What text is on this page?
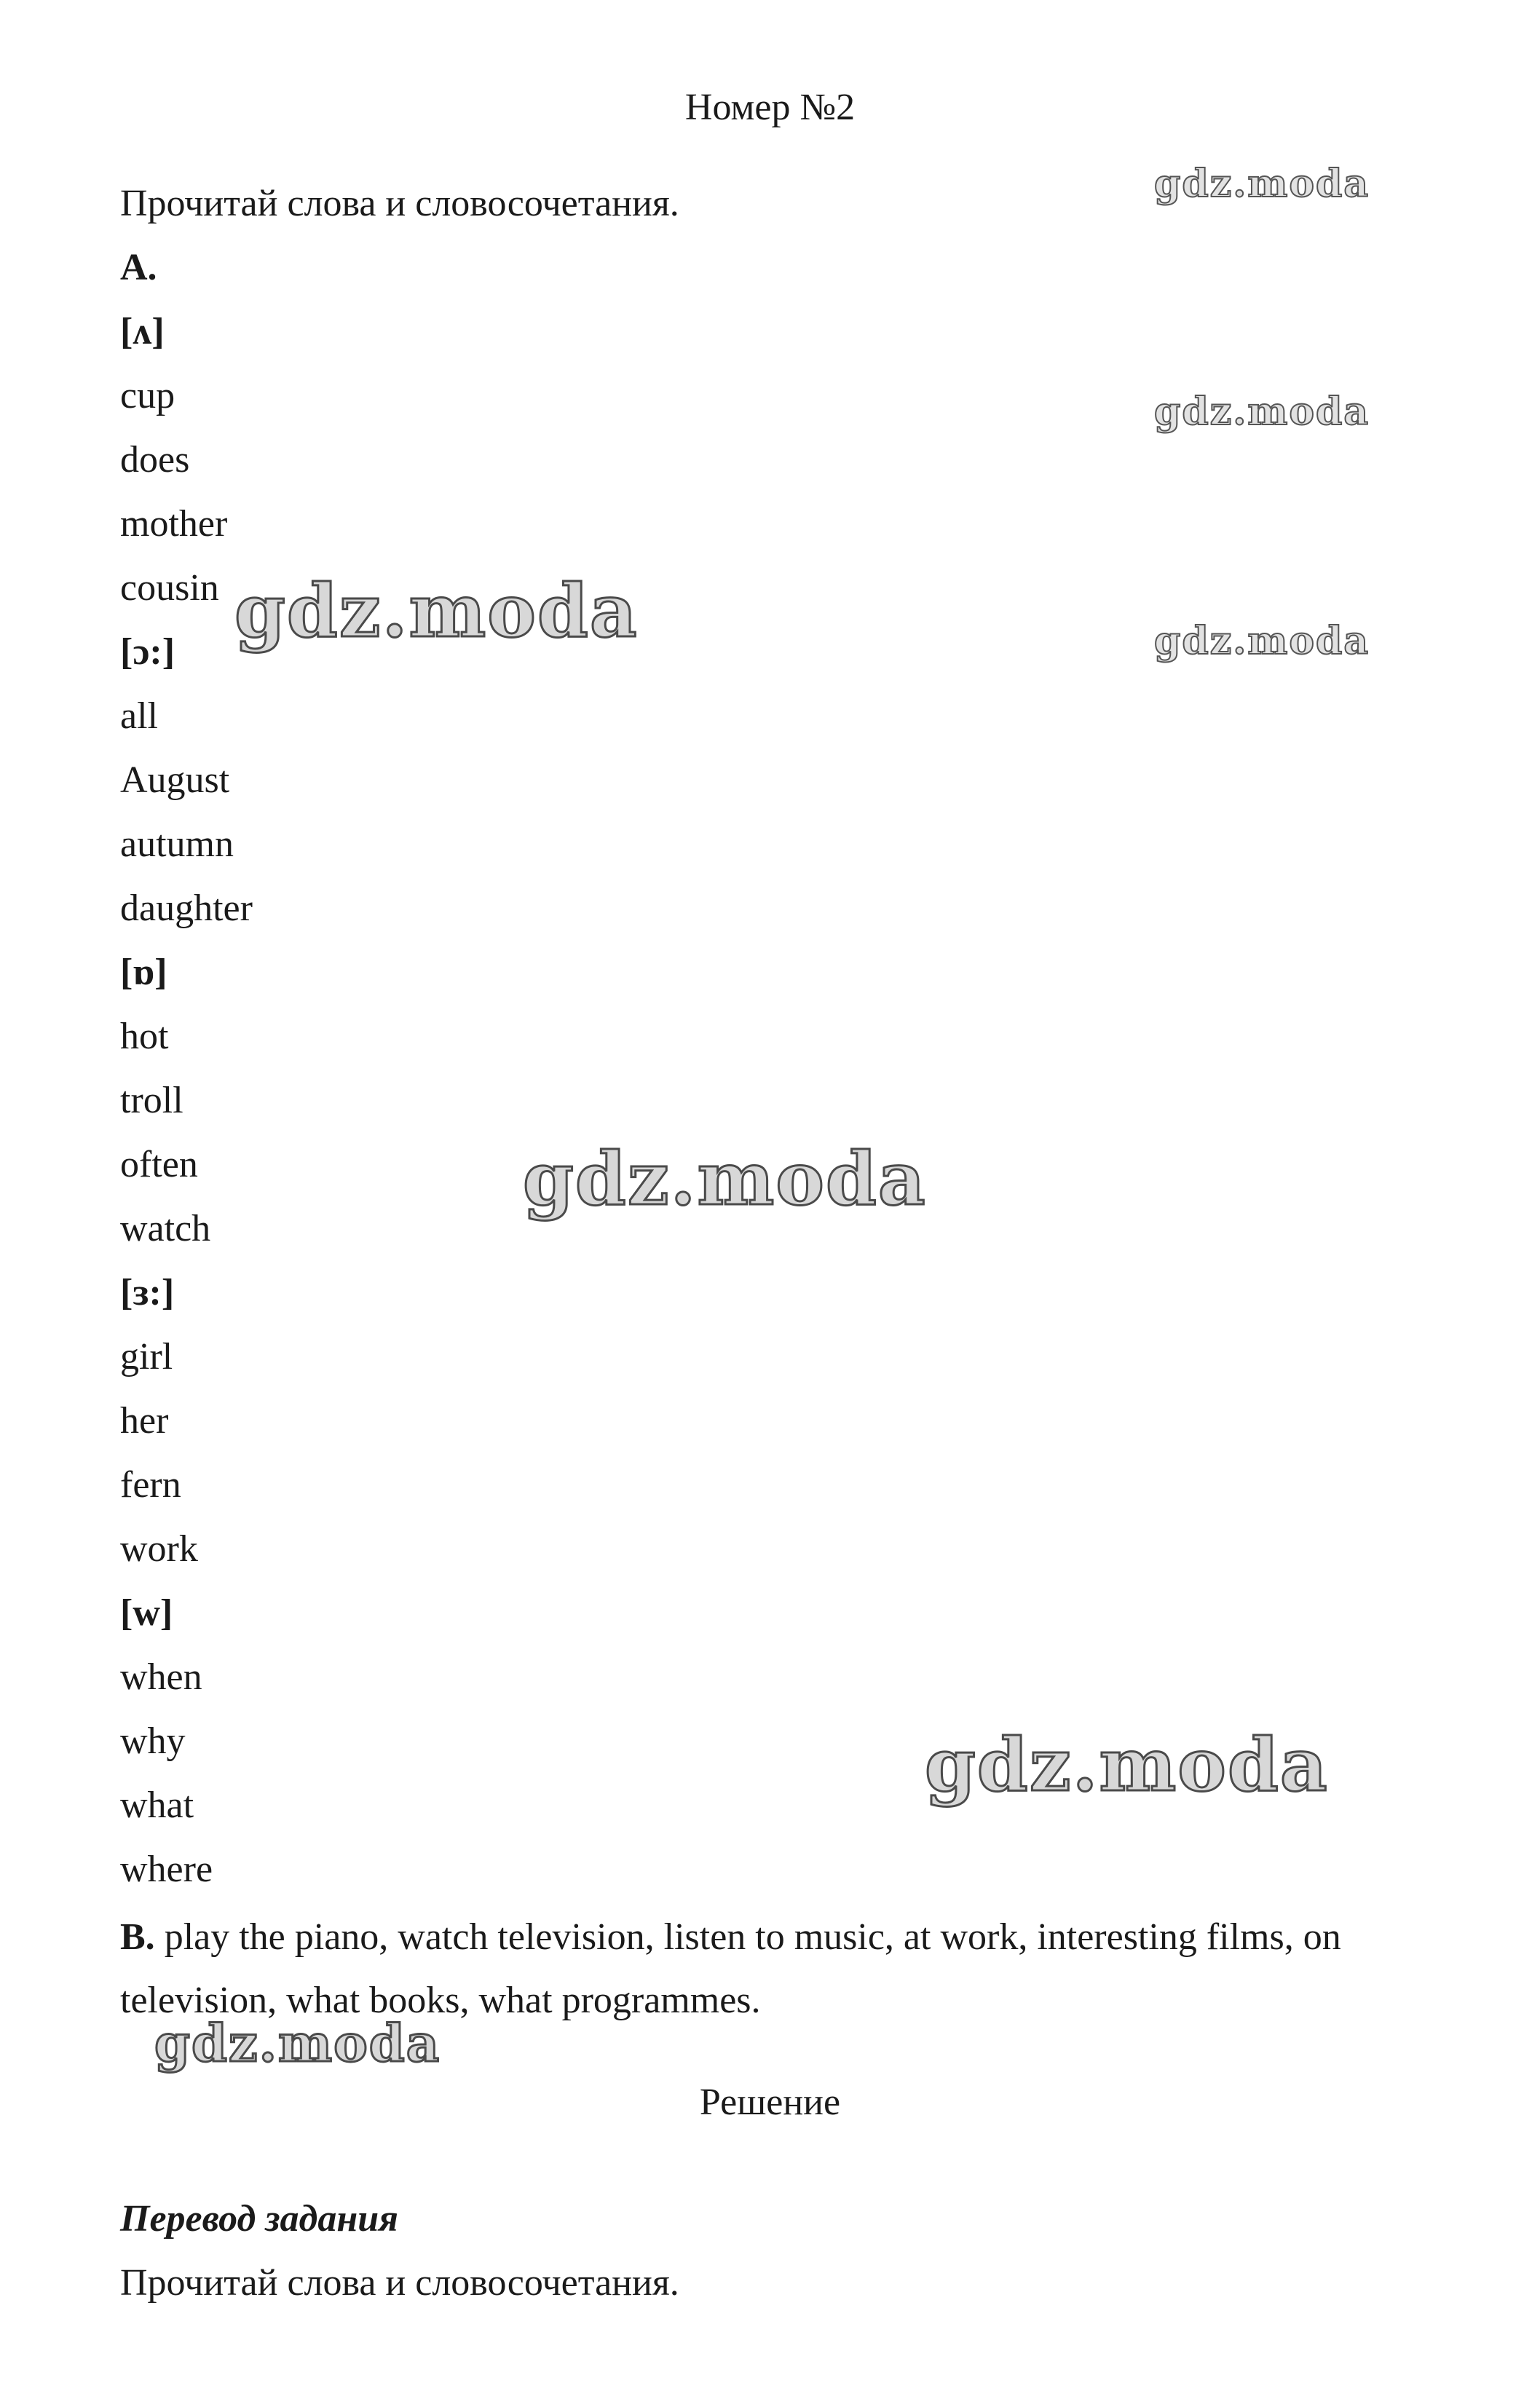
Номер №2
Прочитай слова и словосочетания.
A.
[ʌ]
cup
does
mother
cousin
[ɔ:]
all
August
autumn
daughter
[ɒ]
hot
troll
often
watch
[ɜ:]
girl
her
fern
work
[w]
when
why
what
where
B. play the piano, watch television, listen to music, at work, interesting films, on television, what books, what programmes.
Решение
Перевод задания
Прочитай слова и словосочетания.
gdz.moda
gdz.moda
gdz.moda
gdz.moda
gdz.moda
gdz.moda
gdz.moda
